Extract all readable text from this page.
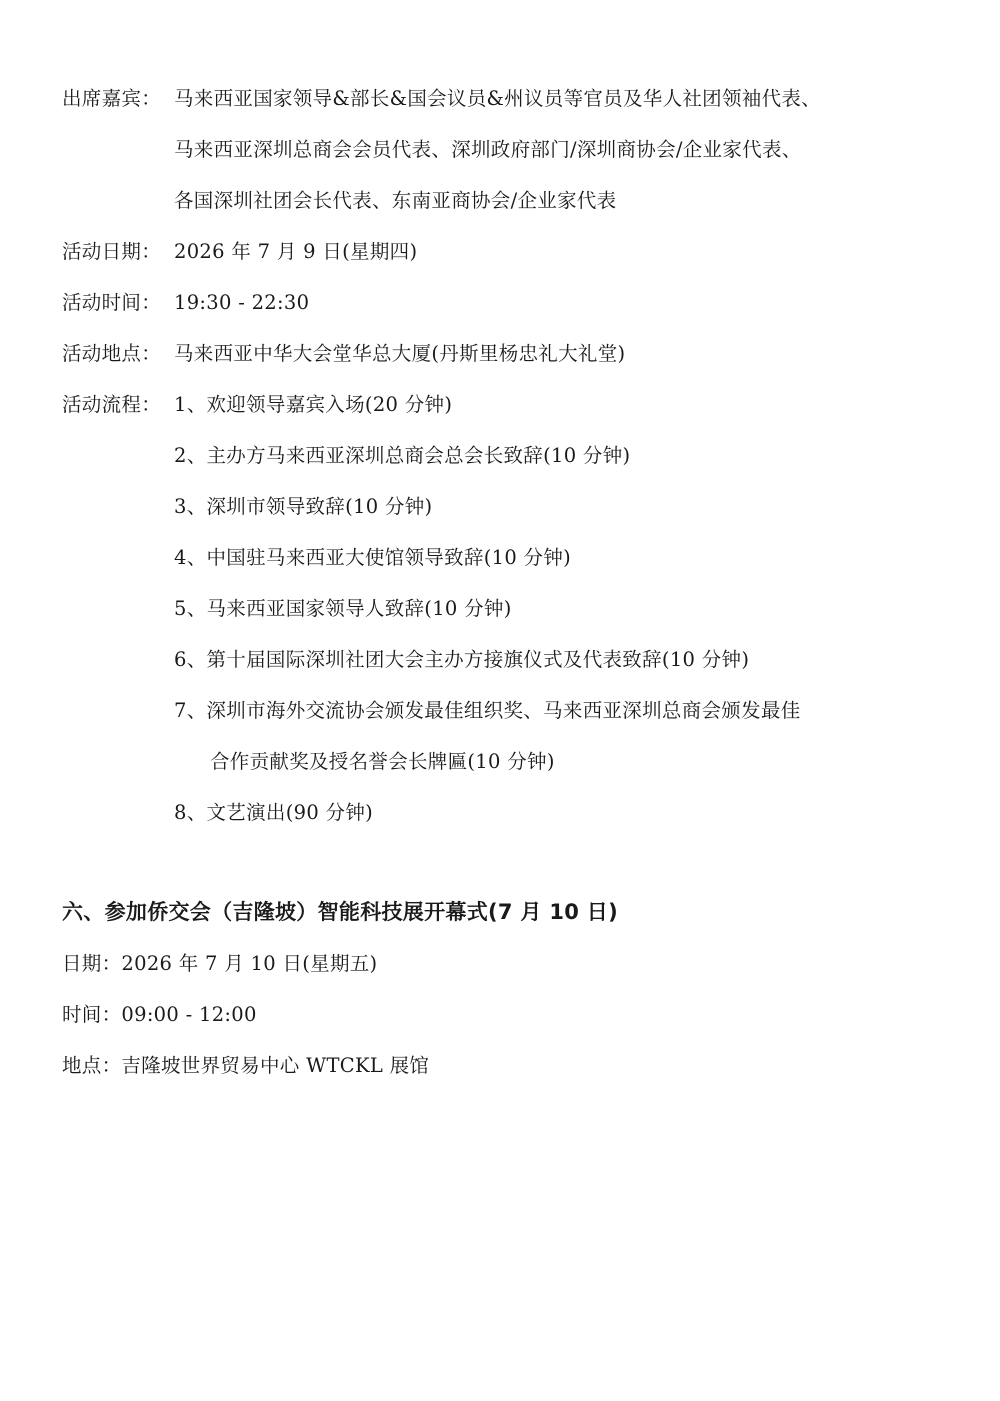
出席嘉宾： 马来西亚国家领导&部长&国会议员&州议员等官员及华人社团领袖代表、
马来西亚深圳总商会会员代表、深圳政府部门/深圳商协会/企业家代表、
各国深圳社团会长代表、东南亚商协会/企业家代表
活动日期： 2026 年 7 月 9 日(星期四)
活动时间： 19:30 - 22:30
活动地点： 马来西亚中华大会堂华总大厦(丹斯里杨忠礼大礼堂)
活动流程： 1、欢迎领导嘉宾入场(20 分钟)
2、主办方马来西亚深圳总商会总会长致辞(10 分钟)
3、深圳市领导致辞(10 分钟)
4、中国驻马来西亚大使馆领导致辞(10 分钟)
5、马来西亚国家领导人致辞(10 分钟)
6、第十届国际深圳社团大会主办方接旗仪式及代表致辞(10 分钟)
7、深圳市海外交流协会颁发最佳组织奖、马来西亚深圳总商会颁发最佳
合作贡献奖及授名誉会长牌匾(10 分钟)
8、文艺演出(90 分钟)
六、参加侨交会（吉隆坡）智能科技展开幕式(7 月 10 日)
日期：2026 年 7 月 10 日(星期五)
时间：09:00 - 12:00
地点：吉隆坡世界贸易中心 WTCKL 展馆
